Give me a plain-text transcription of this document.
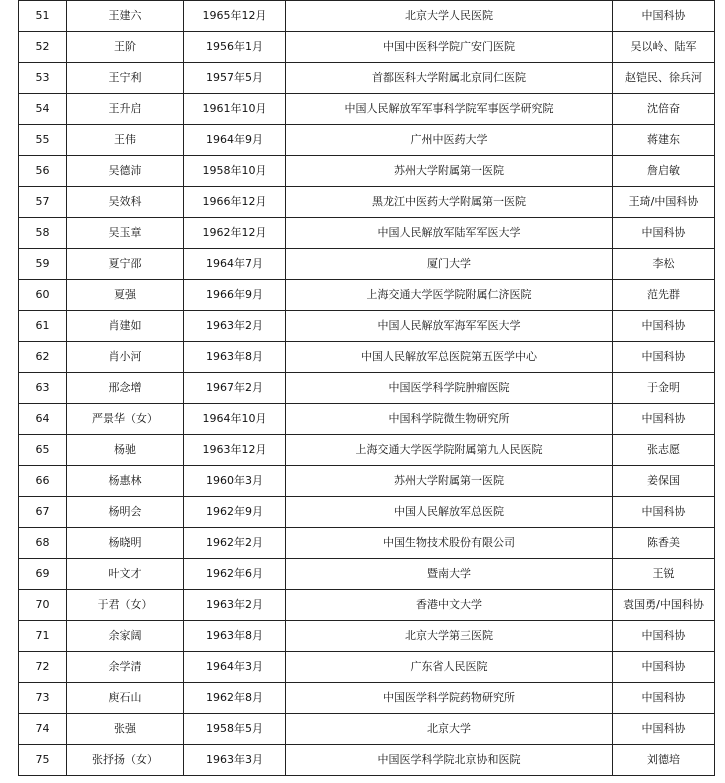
51	王建六	1965年12月	北京大学人民医院	中国科协
52	王阶	1956年1月	中国中医科学院广安门医院	吴以岭、陆军
53	王宁利	1957年5月	首都医科大学附属北京同仁医院	赵铠民、徐兵河
54	王升启	1961年10月	中国人民解放军军事科学院军事医学研究院	沈倍奋
55	王伟	1964年9月	广州中医药大学	蒋建东
56	吴德沛	1958年10月	苏州大学附属第一医院	詹启敏
57	吴效科	1966年12月	黑龙江中医药大学附属第一医院	王琦/中国科协
58	吴玉章	1962年12月	中国人民解放军陆军军医大学	中国科协
59	夏宁邵	1964年7月	厦门大学	李松
60	夏强	1966年9月	上海交通大学医学院附属仁济医院	范先群
61	肖建如	1963年2月	中国人民解放军海军军医大学	中国科协
62	肖小河	1963年8月	中国人民解放军总医院第五医学中心	中国科协
63	邢念增	1967年2月	中国医学科学院肿瘤医院	于金明
64	严景华（女）	1964年10月	中国科学院微生物研究所	中国科协
65	杨驰	1963年12月	上海交通大学医学院附属第九人民医院	张志愿
66	杨惠林	1960年3月	苏州大学附属第一医院	姜保国
67	杨明会	1962年9月	中国人民解放军总医院	中国科协
68	杨晓明	1962年2月	中国生物技术股份有限公司	陈香美
69	叶文才	1962年6月	暨南大学	王锐
70	于君（女）	1963年2月	香港中文大学	袁国勇/中国科协
71	余家阔	1963年8月	北京大学第三医院	中国科协
72	余学清	1964年3月	广东省人民医院	中国科协
73	庾石山	1962年8月	中国医学科学院药物研究所	中国科协
74	张强	1958年5月	北京大学	中国科协
75	张抒扬（女）	1963年3月	中国医学科学院北京协和医院	刘德培
